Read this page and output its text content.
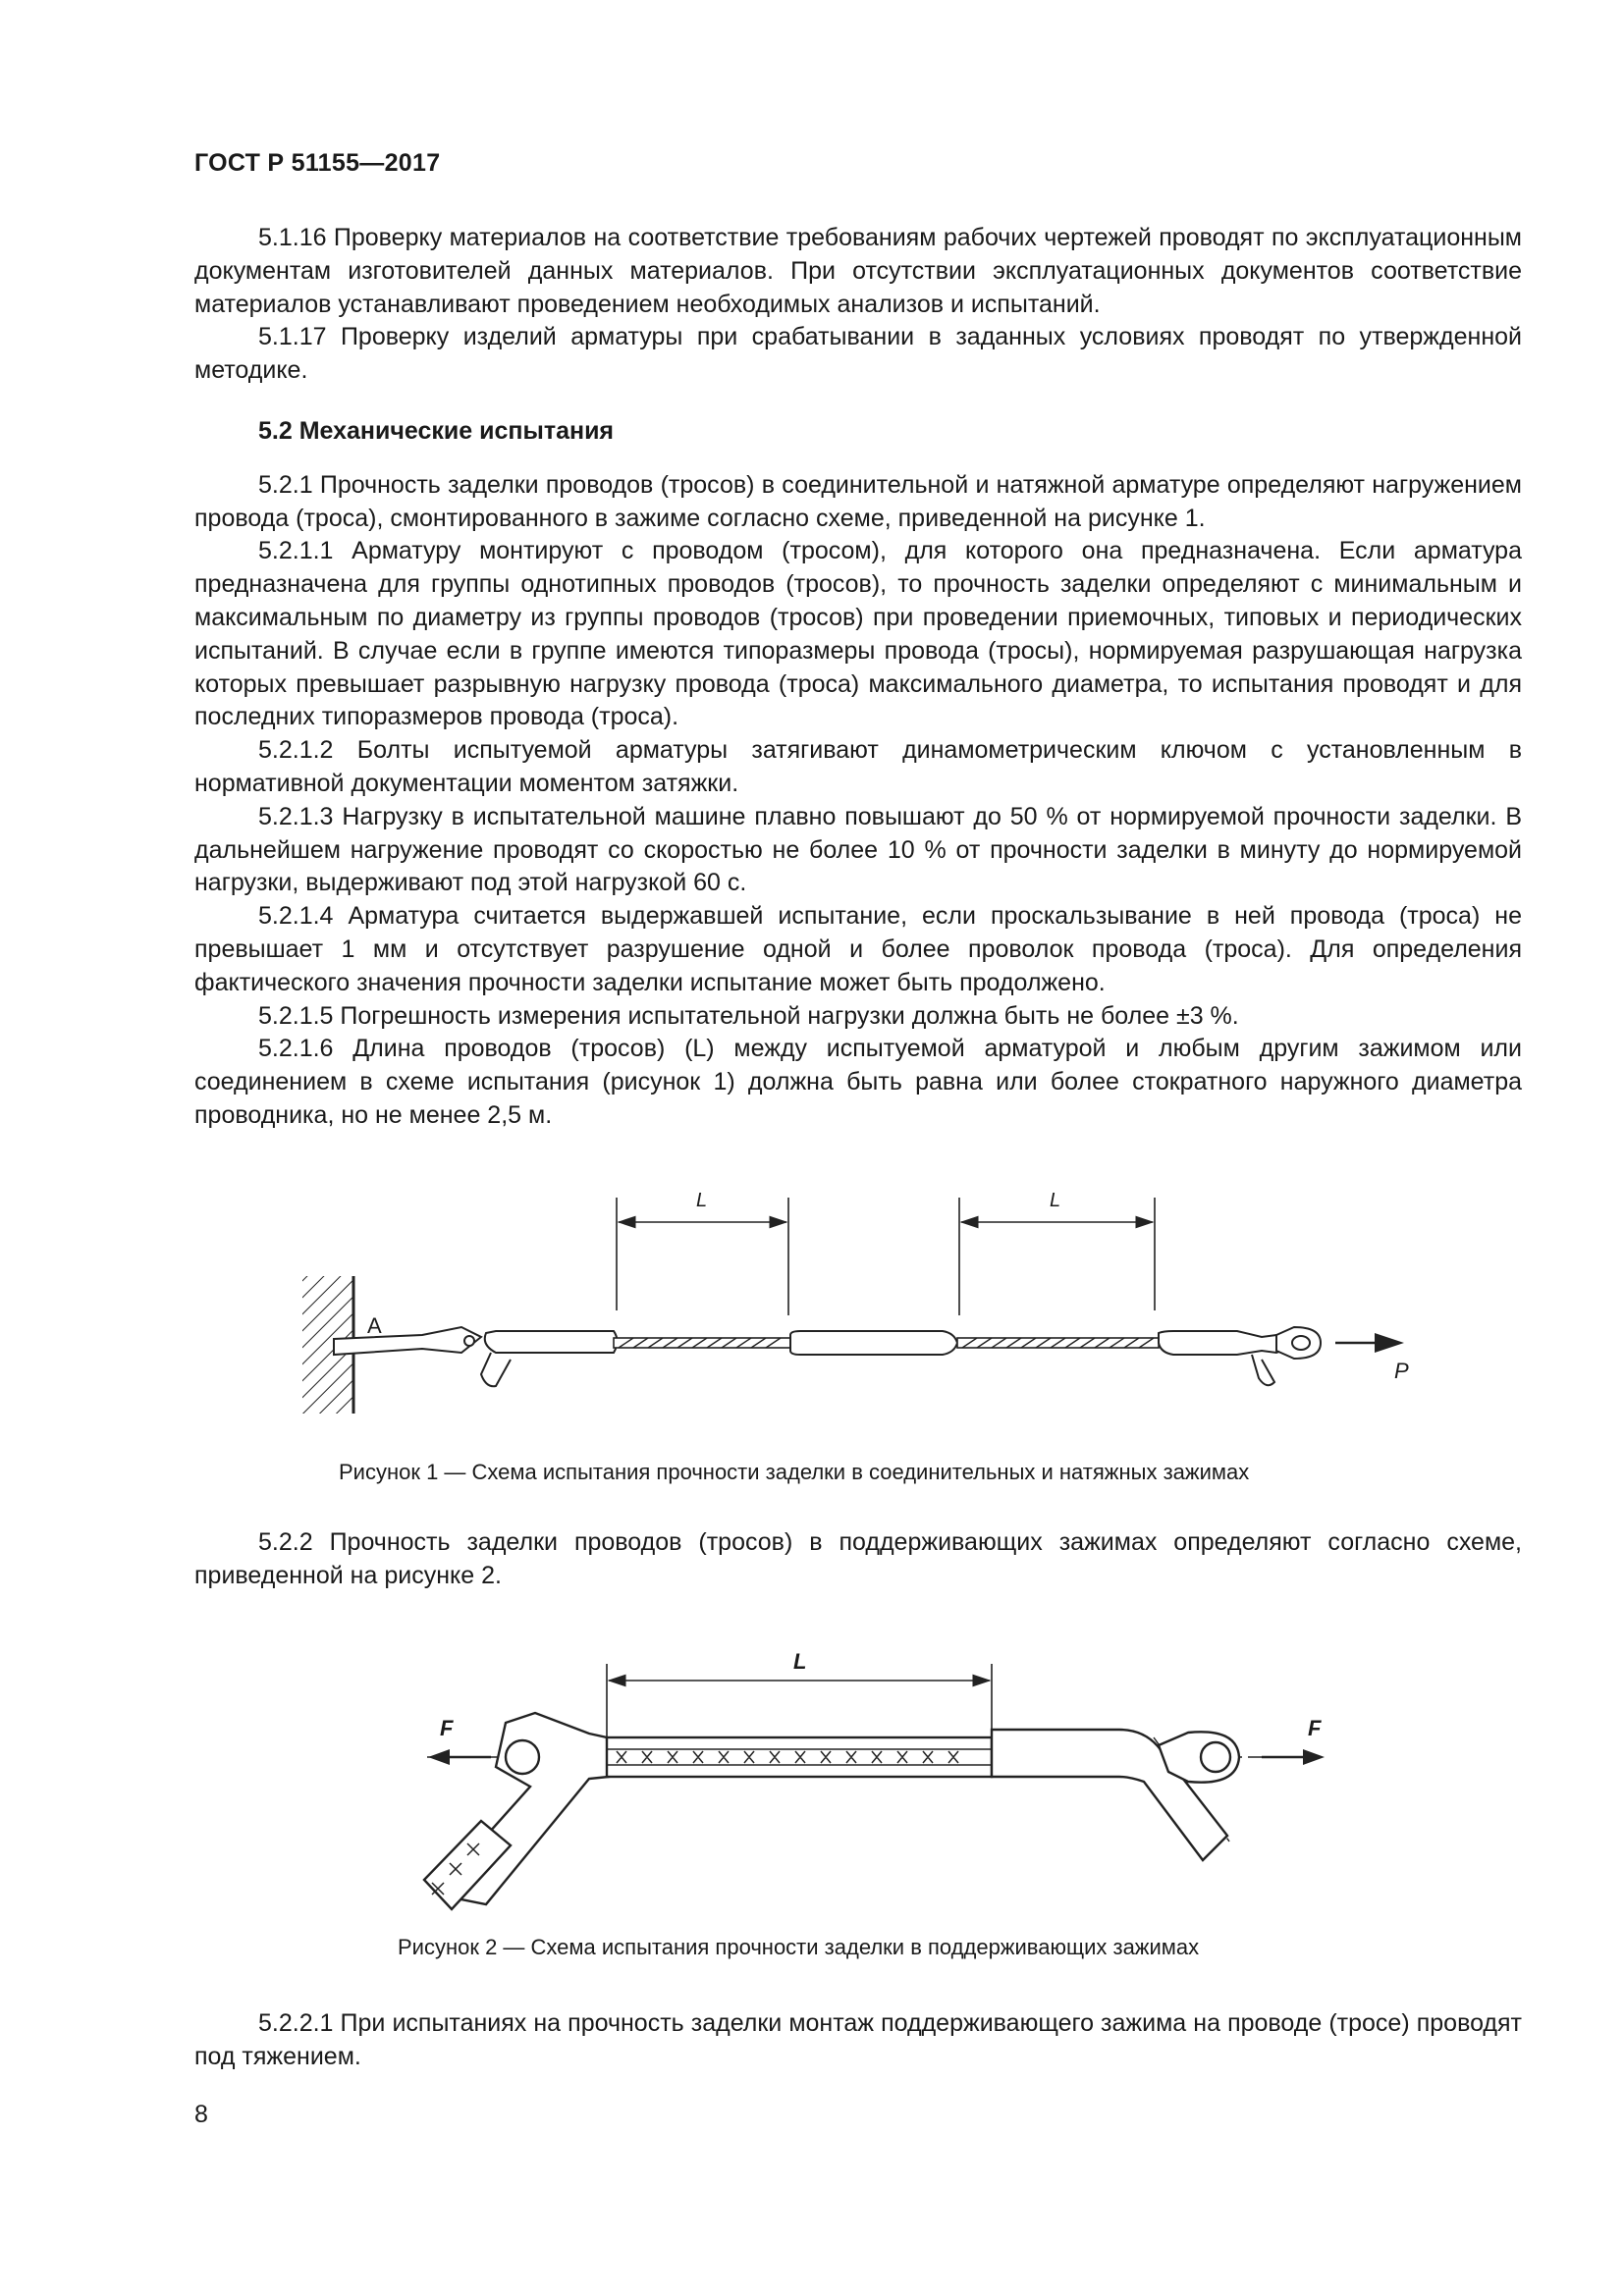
ГОСТ Р 51155—2017

5.1.16 Проверку материалов на соответствие требованиям рабочих чертежей проводят по эксплуатационным документам изготовителей данных материалов. При отсутствии эксплуатационных документов соответствие материалов устанавливают проведением необходимых анализов и испытаний.

5.1.17 Проверку изделий арматуры при срабатывании в заданных условиях проводят по утвержденной методике.

5.2 Механические испытания

5.2.1 Прочность заделки проводов (тросов) в соединительной и натяжной арматуре определяют нагружением провода (троса), смонтированного в зажиме согласно схеме, приведенной на рисунке 1.

5.2.1.1 Арматуру монтируют с проводом (тросом), для которого она предназначена. Если арматура предназначена для группы однотипных проводов (тросов), то прочность заделки определяют с минимальным и максимальным по диаметру из группы проводов (тросов) при проведении приемочных, типовых и периодических испытаний. В случае если в группе имеются типоразмеры провода (тросы), нормируемая разрушающая нагрузка которых превышает разрывную нагрузку провода (троса) максимального диаметра, то испытания проводят и для последних типоразмеров провода (троса).

5.2.1.2 Болты испытуемой арматуры затягивают динамометрическим ключом с установленным в нормативной документации моментом затяжки.

5.2.1.3 Нагрузку в испытательной машине плавно повышают до 50 % от нормируемой прочности заделки. В дальнейшем нагружение проводят со скоростью не более 10 % от прочности заделки в минуту до нормируемой нагрузки, выдерживают под этой нагрузкой 60 с.

5.2.1.4 Арматура считается выдержавшей испытание, если проскальзывание в ней провода (троса) не превышает 1 мм и отсутствует разрушение одной и более проволок провода (троса). Для определения фактического значения прочности заделки испытание может быть продолжено.

5.2.1.5 Погрешность измерения испытательной нагрузки должна быть не более ±3 %.

5.2.1.6 Длина проводов (тросов) (L) между испытуемой арматурой и любым другим зажимом или соединением в схеме испытания (рисунок 1) должна быть равна или более стократного наружного диаметра проводника, но не менее 2,5 м.

L	L
A
P
Рисунок 1 — Схема испытания прочности заделки в соединительных и натяжных зажимах

5.2.2 Прочность заделки проводов (тросов) в поддерживающих зажимах определяют согласно схеме, приведенной на рисунке 2.

L
F	F
Рисунок 2 — Схема испытания прочности заделки в поддерживающих зажимах

5.2.2.1 При испытаниях на прочность заделки монтаж поддерживающего зажима на проводе (тросе) проводят под тяжением.

8
